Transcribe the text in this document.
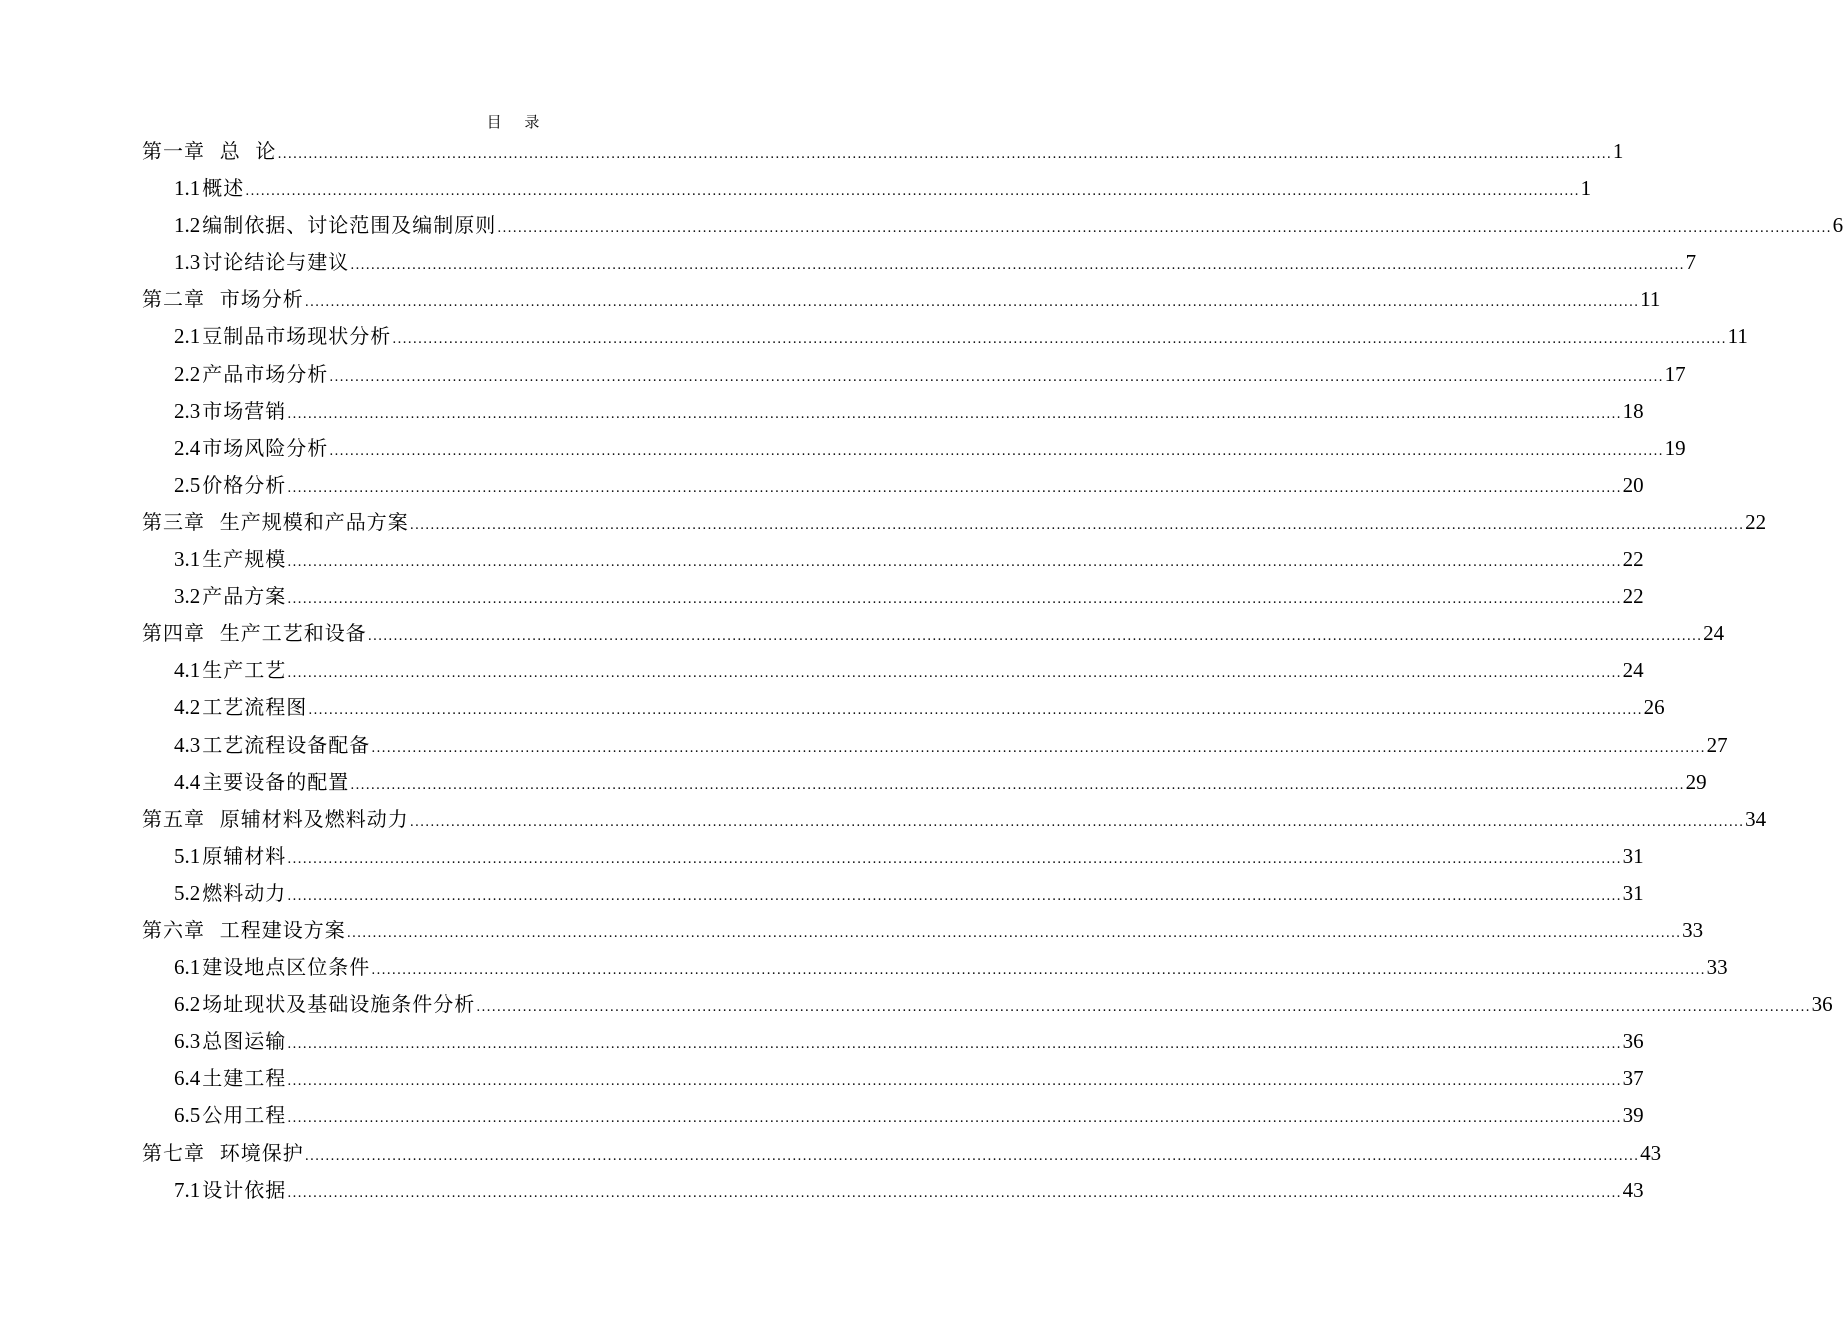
目 录
第一章  总  论 .................................................................................................................................................................................................................................................................... 1
1.1 概述 .................................................................................................................................................................................................................................................................... 1
1.2 编制依据、讨论范围及编制原则 .................................................................................................................................................................................................................................................................... 6
1.3 讨论结论与建议 .................................................................................................................................................................................................................................................................... 7
第二章  市场分析 .................................................................................................................................................................................................................................................................... 11
2.1 豆制品市场现状分析 .................................................................................................................................................................................................................................................................... 11
2.2 产品市场分析 .................................................................................................................................................................................................................................................................... 17
2.3 市场营销 .................................................................................................................................................................................................................................................................... 18
2.4 市场风险分析 .................................................................................................................................................................................................................................................................... 19
2.5 价格分析 .................................................................................................................................................................................................................................................................... 20
第三章  生产规模和产品方案 .................................................................................................................................................................................................................................................................... 22
3.1 生产规模 .................................................................................................................................................................................................................................................................... 22
3.2 产品方案 .................................................................................................................................................................................................................................................................... 22
第四章  生产工艺和设备 .................................................................................................................................................................................................................................................................... 24
4.1 生产工艺 .................................................................................................................................................................................................................................................................... 24
4.2 工艺流程图 .................................................................................................................................................................................................................................................................... 26
4.3 工艺流程设备配备 .................................................................................................................................................................................................................................................................... 27
4.4 主要设备的配置 .................................................................................................................................................................................................................................................................... 29
第五章  原辅材料及燃料动力 .................................................................................................................................................................................................................................................................... 34
5.1 原辅材料 .................................................................................................................................................................................................................................................................... 31
5.2 燃料动力 .................................................................................................................................................................................................................................................................... 31
第六章  工程建设方案 .................................................................................................................................................................................................................................................................... 33
6.1 建设地点区位条件 .................................................................................................................................................................................................................................................................... 33
6.2 场址现状及基础设施条件分析 .................................................................................................................................................................................................................................................................... 36
6.3 总图运输 .................................................................................................................................................................................................................................................................... 36
6.4 土建工程 .................................................................................................................................................................................................................................................................... 37
6.5 公用工程 .................................................................................................................................................................................................................................................................... 39
第七章  环境保护 .................................................................................................................................................................................................................................................................... 43
7.1 设计依据 .................................................................................................................................................................................................................................................................... 43
